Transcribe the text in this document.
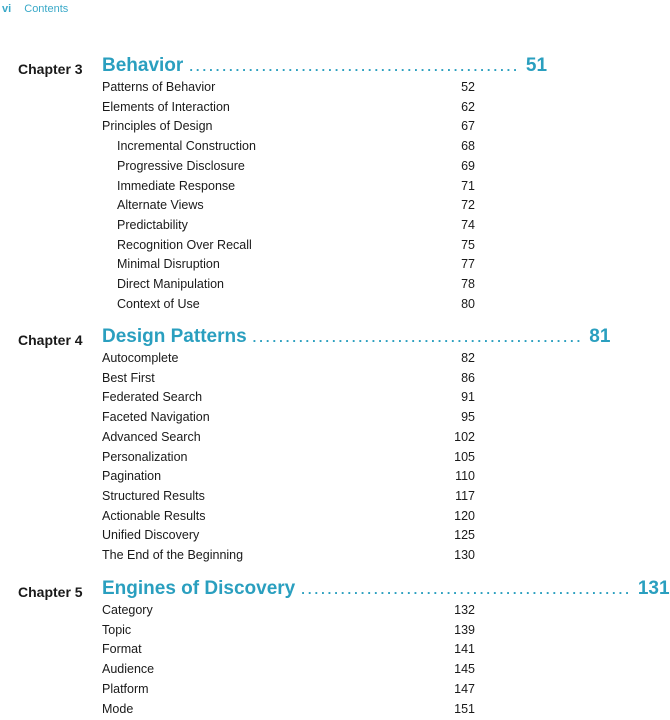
vi Contents
Chapter 3 Behavior .................................................. 51
Patterns of Behavior	52
Elements of Interaction	62
Principles of Design	67
Incremental Construction	68
Progressive Disclosure	69
Immediate Response	71
Alternate Views	72
Predictability	74
Recognition Over Recall	75
Minimal Disruption	77
Direct Manipulation	78
Context of Use	80
Chapter 4 Design Patterns .................................................. 81
Autocomplete	82
Best First	86
Federated Search	91
Faceted Navigation	95
Advanced Search	102
Personalization	105
Pagination	110
Structured Results	117
Actionable Results	120
Unified Discovery	125
The End of the Beginning	130
Chapter 5 Engines of Discovery .................................................. 131
Category	132
Topic	139
Format	141
Audience	145
Platform	147
Mode	151
